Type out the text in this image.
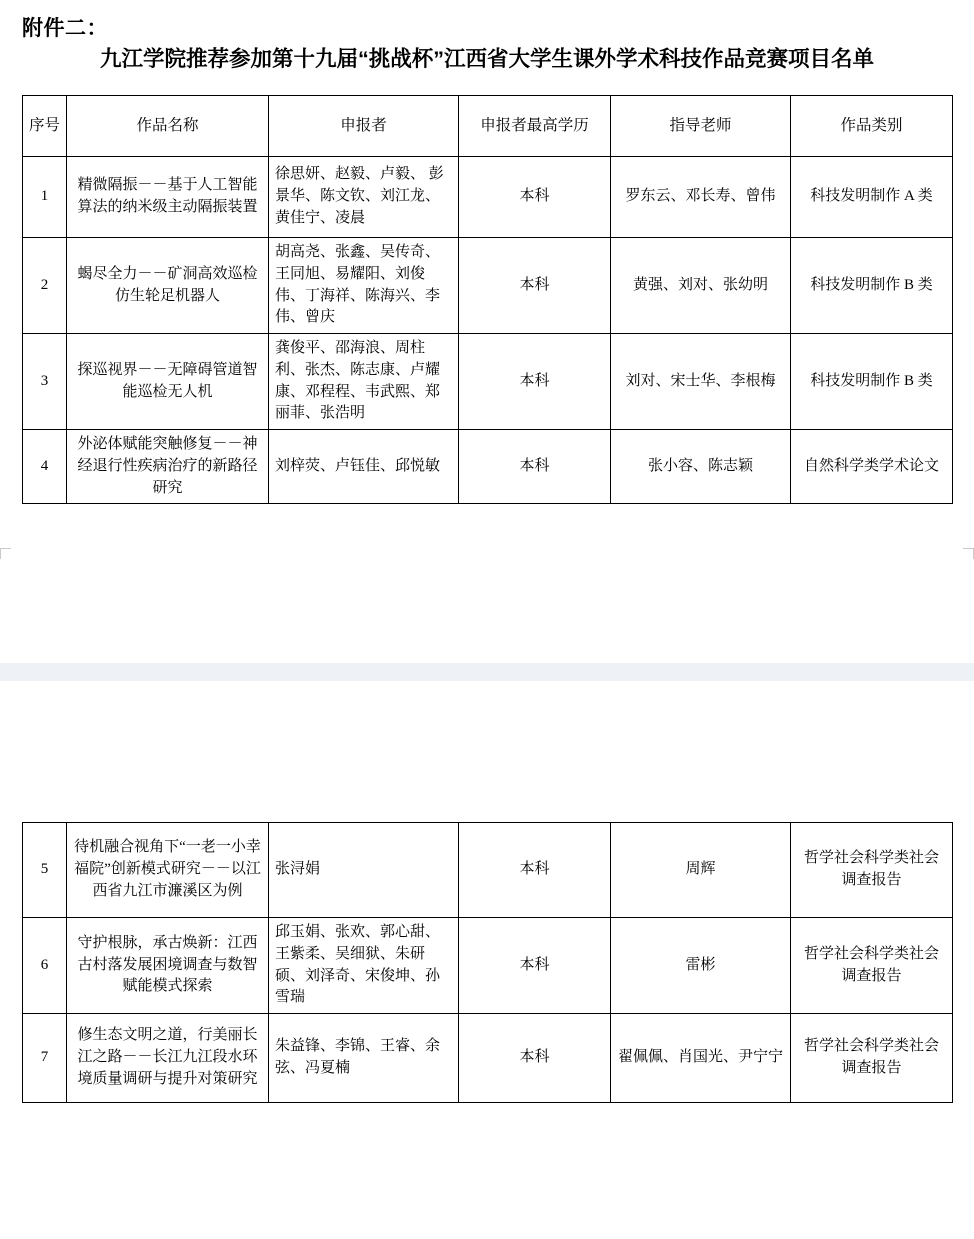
附件二：
九江学院推荐参加第十九届“挑战杯”江西省大学生课外学术科技作品竞赛项目名单
序号	作品名称	申报者	申报者最高学历	指导老师	作品类别
1	精微隔振－－基于人工智能算法的纳米级主动隔振装置	徐思妍、赵毅、卢毅、 彭景华、陈文钦、刘江龙、黄佳宁、凌晨	本科	罗东云、邓长寿、曾伟	科技发明制作 A 类
2	蝎尽全力－－矿洞高效巡检仿生轮足机器人	胡高尧、张鑫、吴传奇、王同旭、易耀阳、刘俊伟、丁海祥、陈海兴、李伟、曾庆	本科	黄强、刘对、张幼明	科技发明制作 B 类
3	探巡视界－－无障碍管道智能巡检无人机	龚俊平、邵海浪、周柱利、张杰、陈志康、卢耀康、邓程程、韦武熙、郑丽菲、张浩明	本科	刘对、宋士华、李根梅	科技发明制作 B 类
4	外泌体赋能突触修复－－神经退行性疾病治疗的新路径研究	刘梓荧、卢钰佳、邱悦敏	本科	张小容、陈志颖	自然科学类学术论文
5	待机融合视角下“一老一小幸福院”创新模式研究－－以江西省九江市濂溪区为例	张浔娟	本科	周辉	哲学社会科学类社会调查报告
6	守护根脉，承古焕新：江西古村落发展困境调查与数智赋能模式探索	邱玉娟、张欢、郭心甜、王紫柔、吴细狱、朱研硕、刘泽奇、宋俊坤、孙雪瑞	本科	雷彬	哲学社会科学类社会调查报告
7	修生态文明之道，行美丽长江之路－－长江九江段水环境质量调研与提升对策研究	朱益锋、李锦、王睿、余弦、冯夏楠	本科	翟佩佩、肖国光、尹宁宁	哲学社会科学类社会调查报告
